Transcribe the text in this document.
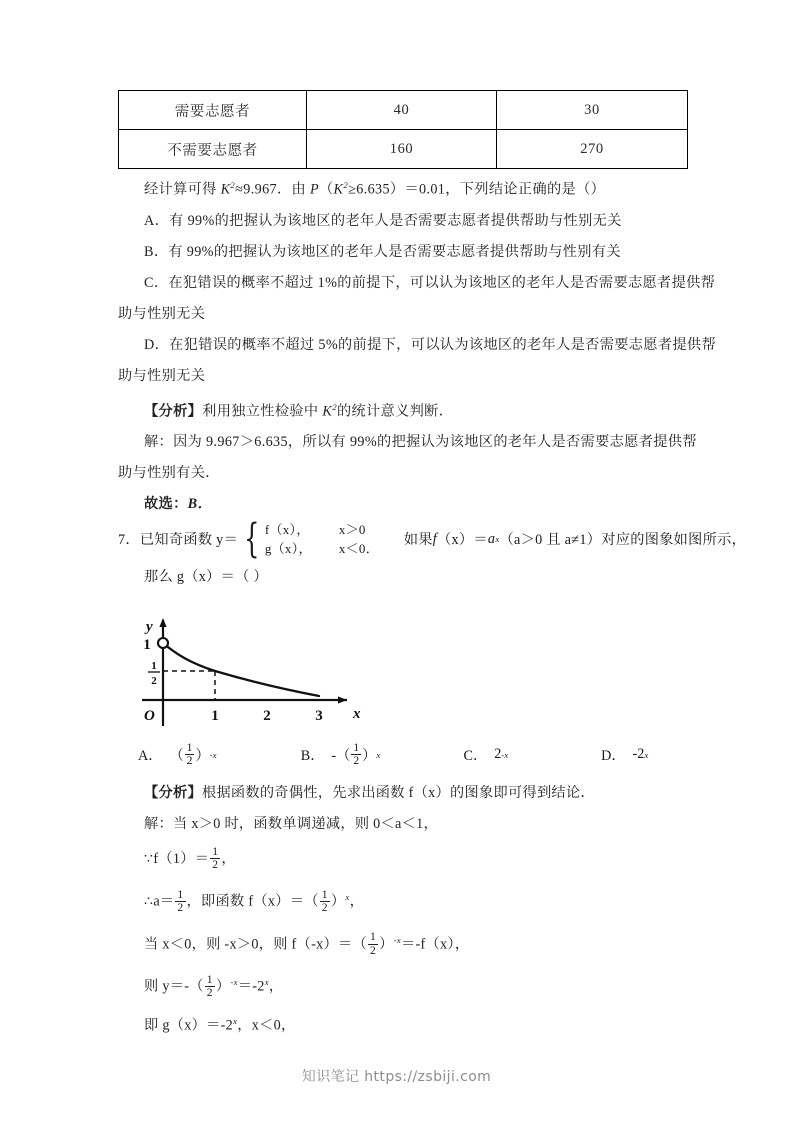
需要志愿者	40	30
不需要志愿者	160	270
经计算可得 $K^2\approx 9.967$．由 $P(K^2\ge 6.635)=0.01$，下列结论正确的是（）
A．有 99%的把握认为该地区的老年人是否需要志愿者提供帮助与性别无关
B．有 99%的把握认为该地区的老年人是否需要志愿者提供帮助与性别有关
C．在犯错误的概率不超过 1%的前提下，可以认为该地区的老年人是否需要志愿者提供帮
助与性别无关
D．在犯错误的概率不超过 5%的前提下，可以认为该地区的老年人是否需要志愿者提供帮
助与性别无关
【分析】利用独立性检验中 $K^2$的统计意义判断．
解：因为 9.967＞6.635，所以有 99%的把握认为该地区的老年人是否需要志愿者提供帮
助与性别有关．
故选：B．
7． 已知奇函数 y＝ { f（x），	x＞0
g（x），	x＜0．
如果 f （x）＝ a x （a＞0 且 a≠1）对应的图象如图所示，
那么 g（x）＝（ ）
y
x
O
1
1
2
1	2	3
A． （ $\frac{1}{2}$ ） -x	B． -（ $\frac{1}{2}$ ） x	C． 2 -x	D． -2 x
【分析】根据函数的奇偶性，先求出函数 f（x）的图象即可得到结论．
解：当 x＞0 时，函数单调递减，则 0＜a＜1，
∵f（1）＝ $\frac{1}{2}$ ，
∴a＝ $\frac{1}{2}$ ，即函数 $f(x)=( \frac{1}{2} )^x$，
当 x＜0，则 -x＞0，则 $f(-x)=( \frac{1}{2} )^{-x}=-f(x)$，
则 $y=-( \frac{1}{2} )^{-x}=-2^x$，
即 $g(x)=-2^x$，x＜0，
知识笔记 https://zsbiji.com
